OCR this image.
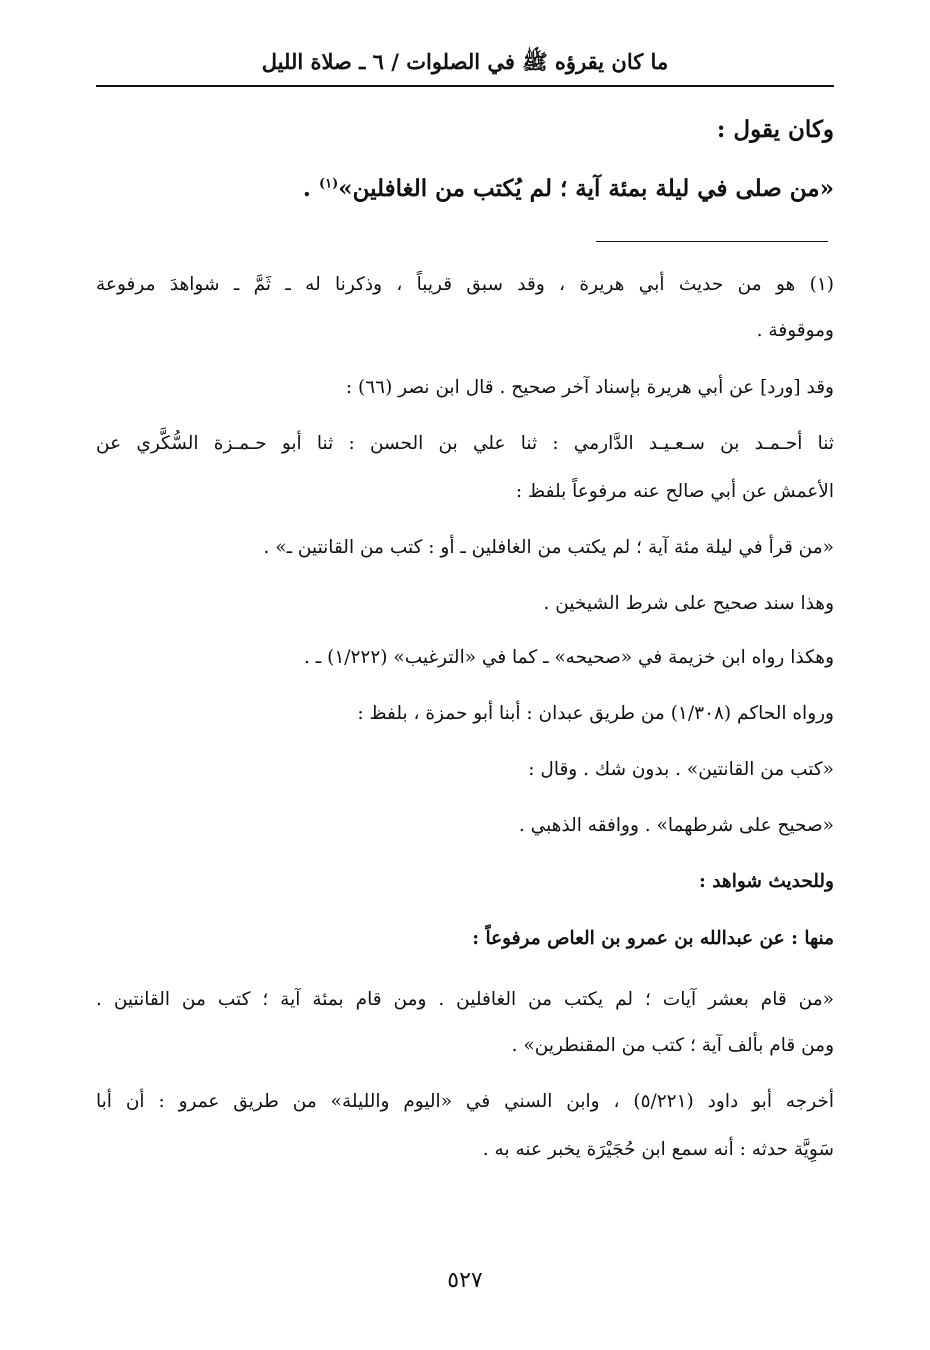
ما كان يقرؤه ﷺ في الصلوات / ٦ ـ صلاة الليل
وكان يقول :
«من صلى في ليلة بمئة آية ؛ لم يُكتب من الغافلين»$^{(١)}$ .
(١) هو من حديث أبي هريرة ، وقد سبق قريباً ، وذكرنا له ـ ثَمَّ ـ شواهدَ مرفوعة
وموقوفة .
وقد [ورد] عن أبي هريرة بإسناد آخر صحيح . قال ابن نصر (٦٦) :
ثنا أحـمـد بن سـعـيـد الدَّارمي : ثنا علي بن الحسن : ثنا أبو حـمـزة السُّكَّري عن
الأعمش عن أبي صالح عنه مرفوعاً بلفظ :
«من قرأ في ليلة مئة آية ؛ لم يكتب من الغافلين ـ أو : كتب من القانتين ـ» .
وهذا سند صحيح على شرط الشيخين .
وهكذا رواه ابن خزيمة في «صحيحه» ـ كما في «الترغيب» (١/٢٢٢) ـ .
ورواه الحاكم (١/٣٠٨) من طريق عبدان : أبنا أبو حمزة ، بلفظ :
«كتب من القانتين» . بدون شك . وقال :
«صحيح على شرطهما» . ووافقه الذهبي .
وللحديث شواهد :
منها : عن عبدالله بن عمرو بن العاص مرفوعاً :
«من قام بعشر آيات ؛ لم يكتب من الغافلين . ومن قام بمئة آية ؛ كتب من القانتين .
ومن قام بألف آية ؛ كتب من المقنطرين» .
أخرجه أبو داود (٥/٢٢١) ، وابن السني في «اليوم والليلة» من طريق عمرو : أن أبا
سَوِيَّة حدثه : أنه سمع ابن حُجَيْرَة يخبر عنه به .
٥٢٧
